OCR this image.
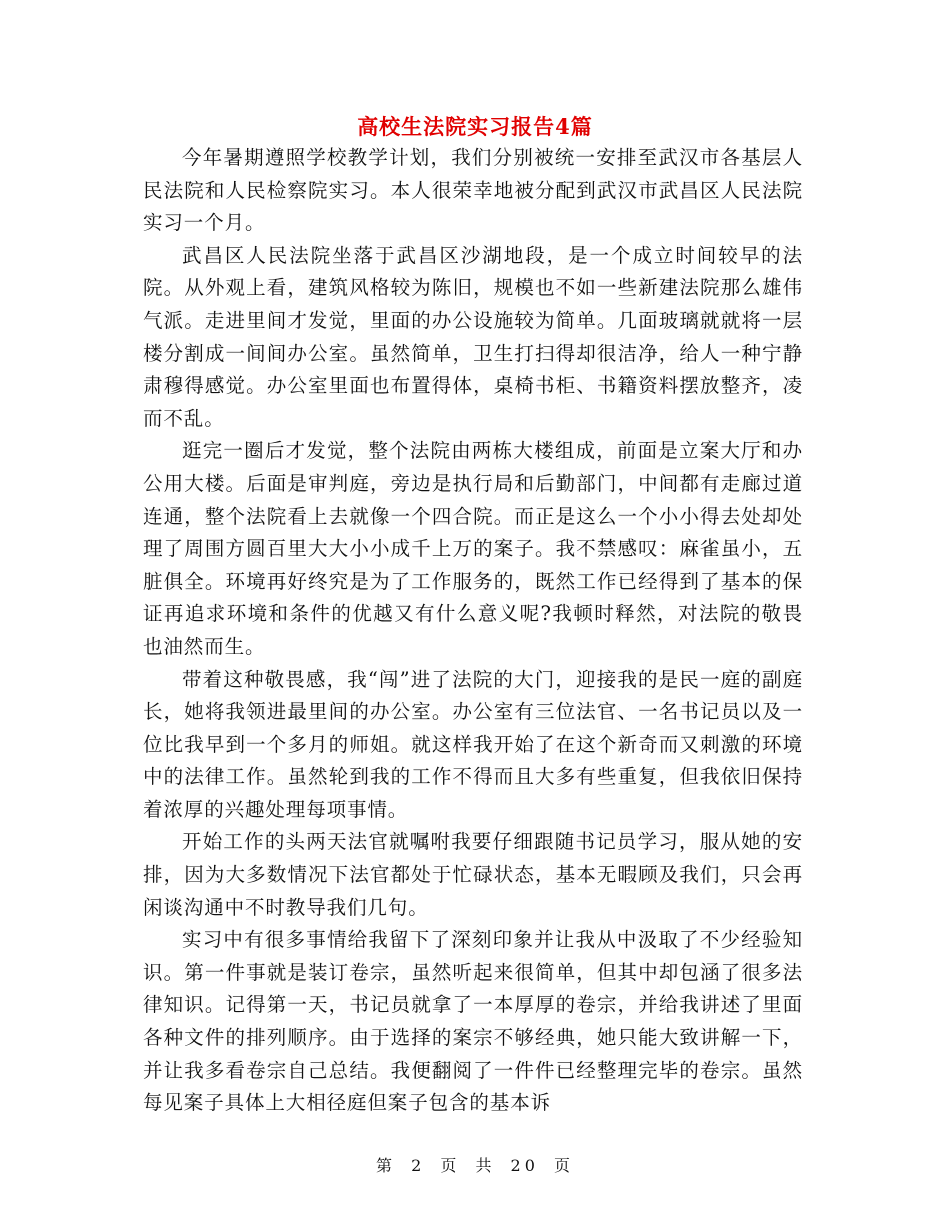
高校生法院实习报告4篇

今年暑期遵照学校教学计划，我们分别被统一安排至武汉市各基层人民法院和人民检察院实习。本人很荣幸地被分配到武汉市武昌区人民法院实习一个月。

武昌区人民法院坐落于武昌区沙湖地段，是一个成立时间较早的法院。从外观上看，建筑风格较为陈旧，规模也不如一些新建法院那么雄伟气派。走进里间才发觉，里面的办公设施较为简单。几面玻璃就就将一层楼分割成一间间办公室。虽然简单，卫生打扫得却很洁净，给人一种宁静肃穆得感觉。办公室里面也布置得体，桌椅书柜、书籍资料摆放整齐，凌而不乱。

逛完一圈后才发觉，整个法院由两栋大楼组成，前面是立案大厅和办公用大楼。后面是审判庭，旁边是执行局和后勤部门，中间都有走廊过道连通，整个法院看上去就像一个四合院。而正是这么一个小小得去处却处理了周围方圆百里大大小小成千上万的案子。我不禁感叹：麻雀虽小，五脏俱全。环境再好终究是为了工作服务的，既然工作已经得到了基本的保证再追求环境和条件的优越又有什么意义呢?我顿时释然，对法院的敬畏也油然而生。

带着这种敬畏感，我“闯”进了法院的大门，迎接我的是民一庭的副庭长，她将我领进最里间的办公室。办公室有三位法官、一名书记员以及一位比我早到一个多月的师姐。就这样我开始了在这个新奇而又刺激的环境中的法律工作。虽然轮到我的工作不得而且大多有些重复，但我依旧保持着浓厚的兴趣处理每项事情。

开始工作的头两天法官就嘱咐我要仔细跟随书记员学习，服从她的安排，因为大多数情况下法官都处于忙碌状态，基本无暇顾及我们，只会再闲谈沟通中不时教导我们几句。

实习中有很多事情给我留下了深刻印象并让我从中汲取了不少经验知识。第一件事就是装订卷宗，虽然听起来很简单，但其中却包涵了很多法律知识。记得第一天，书记员就拿了一本厚厚的卷宗，并给我讲述了里面各种文件的排列顺序。由于选择的案宗不够经典，她只能大致讲解一下，并让我多看卷宗自己总结。我便翻阅了一件件已经整理完毕的卷宗。虽然每见案子具体上大相径庭但案子包含的基本诉

第 2 页 共 20 页
